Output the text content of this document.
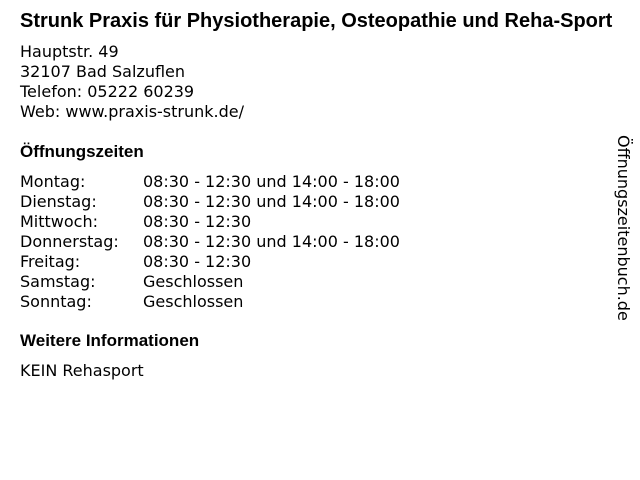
Strunk Praxis für Physiotherapie, Osteopathie und Reha-Sport
Hauptstr. 49
32107 Bad Salzuflen
Telefon: 05222 60239
Web: www.praxis-strunk.de/
Öffnungszeiten
Montag:	08:30 - 12:30 und 14:00 - 18:00
Dienstag:	08:30 - 12:30 und 14:00 - 18:00
Mittwoch:	08:30 - 12:30
Donnerstag:	08:30 - 12:30 und 14:00 - 18:00
Freitag:	08:30 - 12:30
Samstag:	Geschlossen
Sonntag:	Geschlossen
Weitere Informationen
KEIN Rehasport
Öffnungszeitenbuch.de
